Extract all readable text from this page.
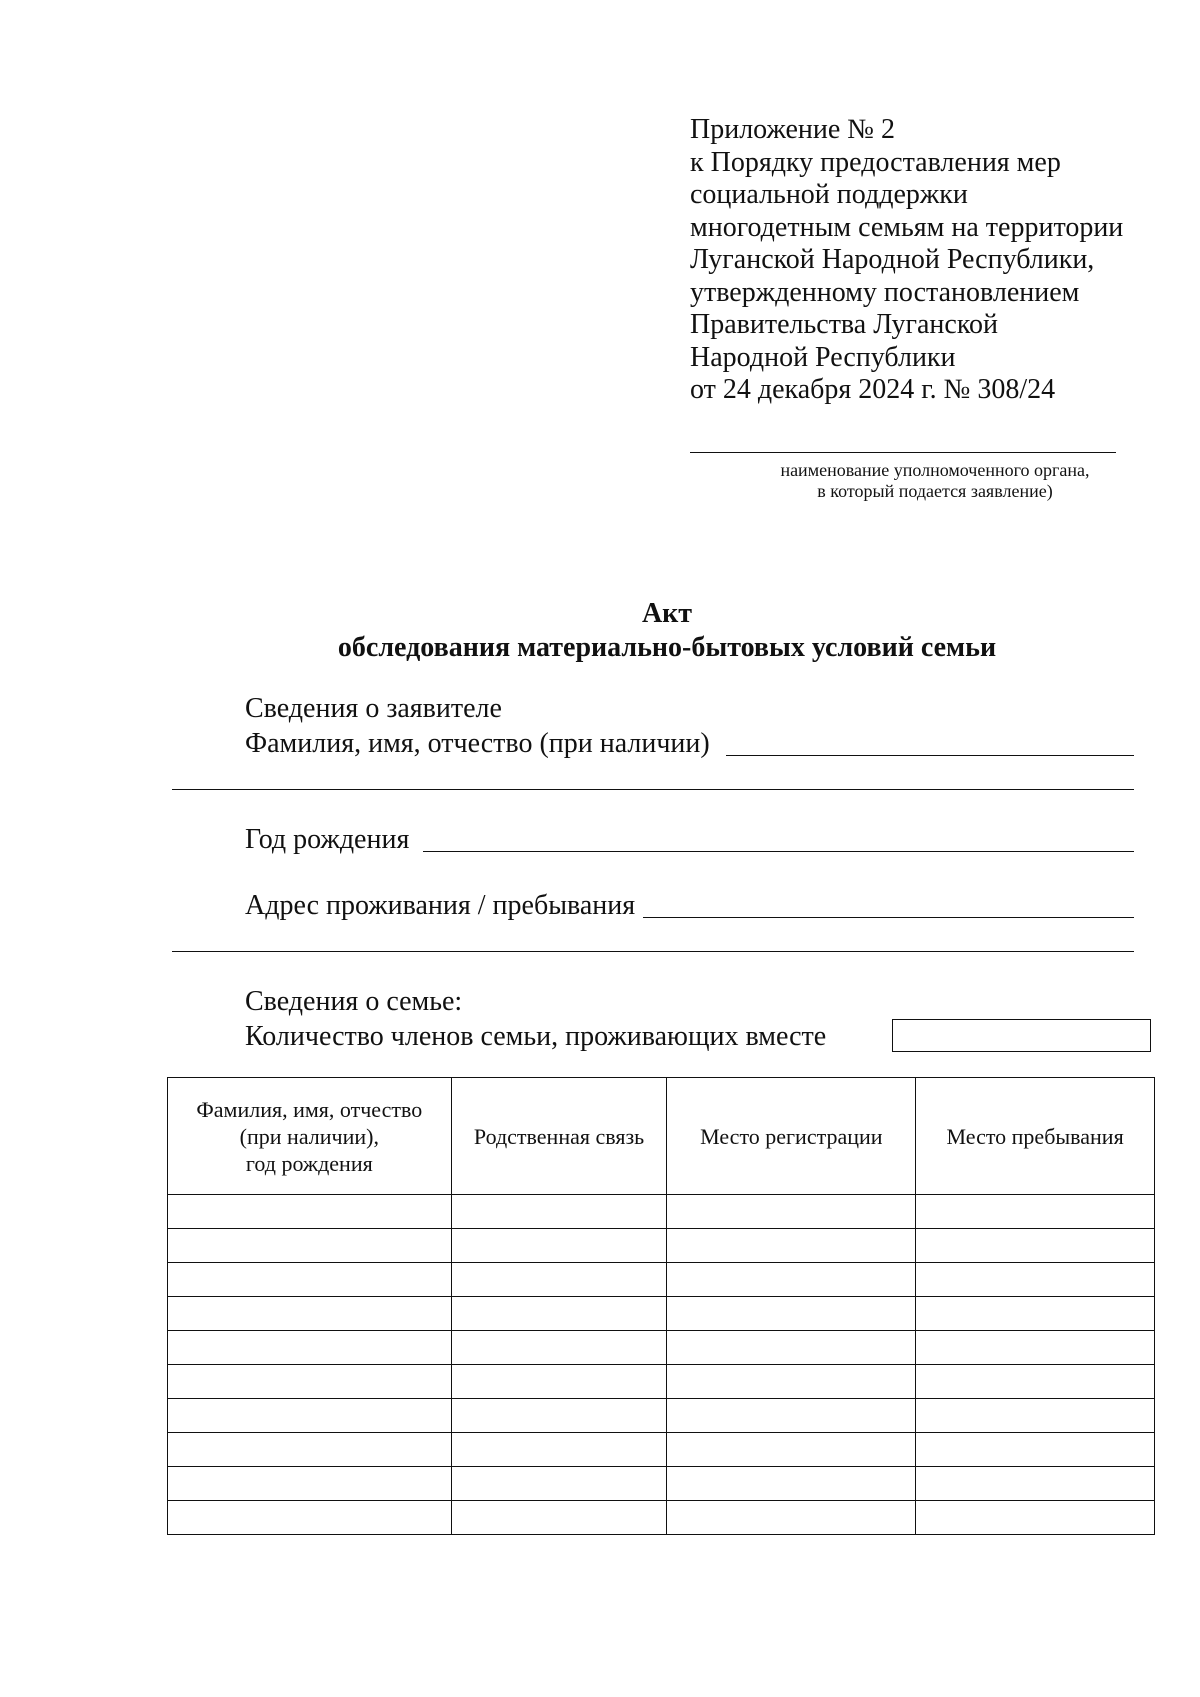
Приложение № 2
к Порядку предоставления мер
социальной поддержки
многодетным семьям на территории
Луганской Народной Республики,
утвержденному постановлением
Правительства Луганской
Народной Республики
от 24 декабря 2024 г. № 308/24
наименование уполномоченного органа,
в который подается заявление)
Акт
обследования материально-бытовых условий семьи
Сведения о заявителе
Фамилия, имя, отчество (при наличии)
Год рождения
Адрес проживания / пребывания
Сведения о семье:
Количество членов семьи, проживающих вместе
Фамилия, имя, отчество
(при наличии),
год рождения	Родственная связь	Место регистрации	Место пребывания
